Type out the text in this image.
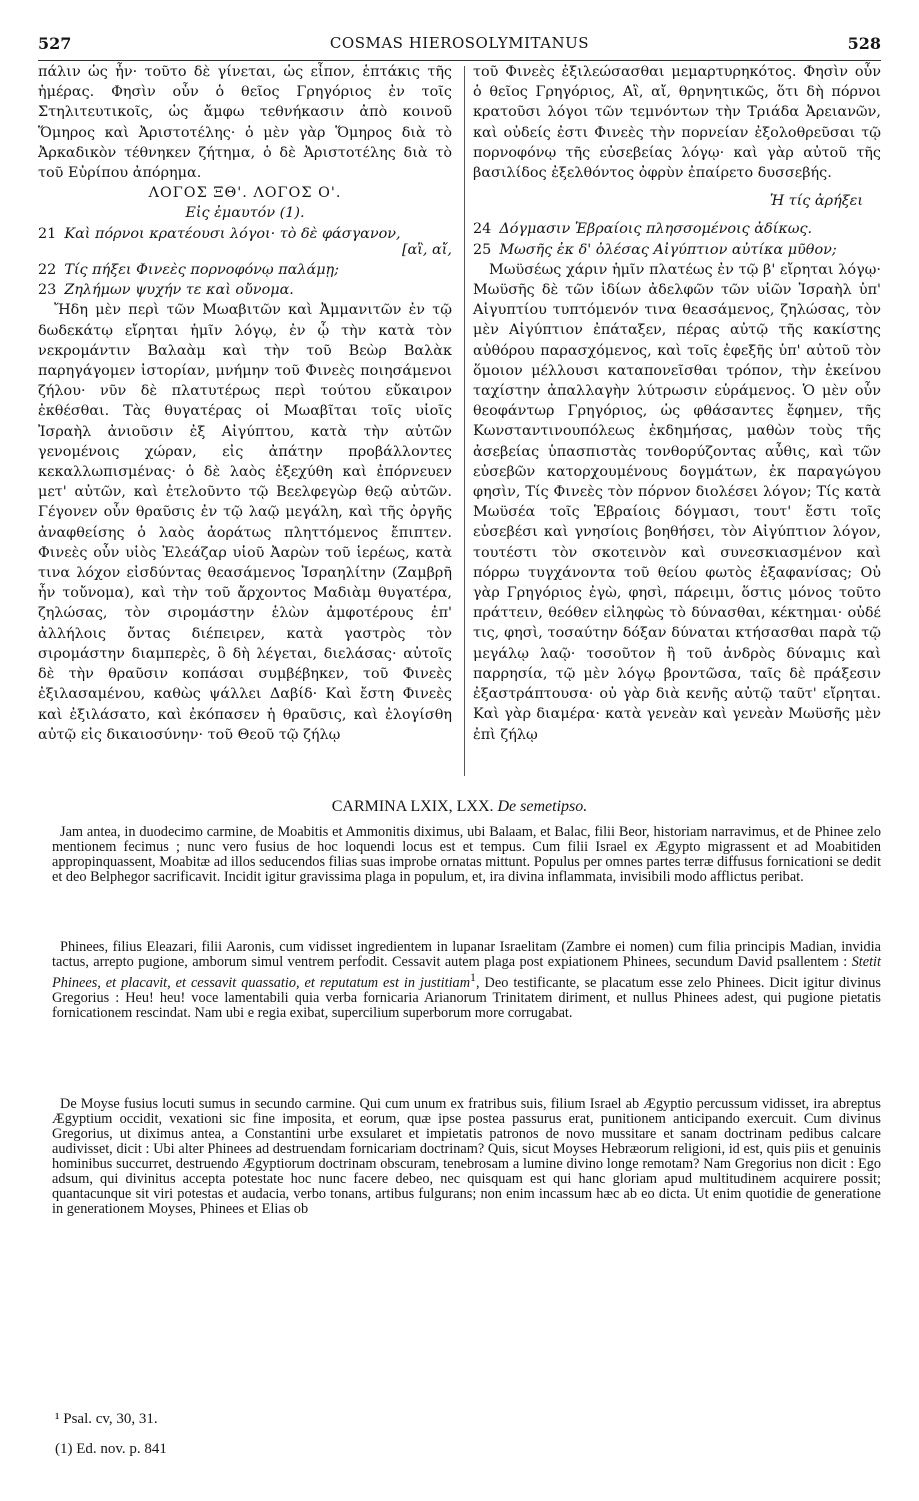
527	COSMAS HIEROSOLYMITANUS	528

πάλιν ὡς ἦν· τοῦτο δὲ γίνεται, ὡς εἶπον, ἑπτάκις τῆς ἡμέρας. Φησὶν οὖν ὁ θεῖος Γρηγόριος ἐν τοῖς Στηλιτευτικοῖς, ὡς ἄμφω τεθνήκασιν ἀπὸ κοινοῦ Ὅμηρος καὶ Ἀριστοτέλης· ὁ μὲν γὰρ Ὅμηρος διὰ τὸ Ἀρκαδικὸν τέθνηκεν ζήτημα, ὁ δὲ Ἀριστοτέλης διὰ τὸ τοῦ Εὐρίπου ἀπόρημα.

ΛΟΓΟΣ ΞΘ'. ΛΟΓΟΣ Ο'.

Εἰς ἐμαυτόν (1).

21 Καὶ πόρνοι κρατέουσι λόγοι· τὸ δὲ φάσγανον,

[αἲ, αἴ,

22 Τίς πήξει Φινεὲς πορνοφόνῳ παλάμῃ;

23 Ζηλήμων ψυχήν τε καὶ οὔνομα.

Ἤδη μὲν περὶ τῶν Μωαβιτῶν καὶ Ἀμμανιτῶν ἐν τῷ δωδεκάτῳ εἴρηται ἡμῖν λόγῳ, ἐν ᾧ τὴν κατὰ τὸν νεκρομάντιν Βαλαὰμ καὶ τὴν τοῦ Βεὼρ Βαλὰκ παρηγάγομεν ἱστορίαν, μνήμην τοῦ Φινεὲς ποιησάμενοι ζήλου· νῦν δὲ πλατυτέρως περὶ τούτου εὔκαιρον ἐκθέσθαι. Τὰς θυγατέρας οἱ Μωαβῖται τοῖς υἱοῖς Ἰσραὴλ ἀνιοῦσιν ἐξ Αἰγύπτου, κατὰ τὴν αὐτῶν γενομένοις χώραν, εἰς ἀπάτην προβάλλοντες κεκαλλωπισμένας· ὁ δὲ λαὸς ἐξεχύθη καὶ ἐπόρνευεν μετ' αὐτῶν, καὶ ἐτελοῦντο τῷ Βεελφεγὼρ θεῷ αὐτῶν. Γέγονεν οὖν θραῦσις ἐν τῷ λαῷ μεγάλη, καὶ τῆς ὀργῆς ἀναφθείσης ὁ λαὸς ἀοράτως πληττόμενος ἔπιπτεν. Φινεὲς οὖν υἱὸς Ἐλεάζαρ υἱοῦ Ἀαρὼν τοῦ ἱερέως, κατὰ τινα λόχον εἰσδύντας θεασάμενος Ἰσραηλίτην (Ζαμβρῆ ἦν τοὔνομα), καὶ τὴν τοῦ ἄρχοντος Μαδιὰμ θυγατέρα, ζηλώσας, τὸν σιρομάστην ἑλὼν ἀμφοτέρους ἐπ' ἀλλήλοις ὄντας διέπειρεν, κατὰ γαστρὸς τὸν σιρομάστην διαμπερὲς, ὃ δὴ λέγεται, διελάσας· αὐτοῖς δὲ τὴν θραῦσιν κοπάσαι συμβέβηκεν, τοῦ Φινεὲς ἐξιλασαμένου, καθὼς ψάλλει Δαβίδ· Καὶ ἔστη Φινεὲς καὶ ἐξιλάσατο, καὶ ἐκόπασεν ἡ θραῦσις, καὶ ἐλογίσθη αὐτῷ εἰς δικαιοσύνην· τοῦ Θεοῦ τῷ ζήλῳ

τοῦ Φινεὲς ἐξιλεώσασθαι μεμαρτυρηκότος. Φησὶν οὖν ὁ θεῖος Γρηγόριος, Αἲ, αἴ, θρηνητικῶς, ὅτι δὴ πόρνοι κρατοῦσι λόγοι τῶν τεμνόντων τὴν Τριάδα Ἀρειανῶν, καὶ οὐδείς ἐστι Φινεὲς τὴν πορνείαν ἐξολοθρεῦσαι τῷ πορνοφόνῳ τῆς εὐσεβείας λόγῳ· καὶ γὰρ αὐτοῦ τῆς βασιλίδος ἐξελθόντος ὀφρὺν ἐπαίρετο δυσσεβής.

Ἡ τίς ἀρήξει

24 Δόγμασιν Ἑβραίοις πλησσομένοις ἀδίκως.

25 Μωσῆς ἐκ δ' ὀλέσας Αἰγύπτιον αὐτίκα μῦθον;

Μωϋσέως χάριν ἡμῖν πλατέως ἐν τῷ β' εἴρηται λόγῳ· Μωϋσῆς δὲ τῶν ἰδίων ἀδελφῶν τῶν υἱῶν Ἰσραὴλ ὑπ' Αἰγυπτίου τυπτόμενόν τινα θεασάμενος, ζηλώσας, τὸν μὲν Αἰγύπτιον ἐπάταξεν, πέρας αὐτῷ τῆς κακίστης αὐθόρου παρασχόμενος, καὶ τοῖς ἐφεξῆς ὑπ' αὐτοῦ τὸν ὅμοιον μέλλουσι καταπονεῖσθαι τρόπον, τὴν ἐκείνου ταχίστην ἀπαλλαγὴν λύτρωσιν εὑράμενος. Ὁ μὲν οὖν θεοφάντωρ Γρηγόριος, ὡς φθάσαντες ἔφημεν, τῆς Κωνσταντινουπόλεως ἐκδημήσας, μαθὼν τοὺς τῆς ἀσεβείας ὑπασπιστὰς τονθορύζοντας αὖθις, καὶ τῶν εὐσεβῶν κατορχουμένους δογμάτων, ἐκ παραγώγου φησὶν, Τίς Φινεὲς τὸν πόρνον διολέσει λόγον; Τίς κατὰ Μωϋσέα τοῖς Ἑβραίοις δόγμασι, τουτ' ἔστι τοῖς εὐσεβέσι καὶ γνησίοις βοηθήσει, τὸν Αἰγύπτιον λόγον, τουτέστι τὸν σκοτεινὸν καὶ συνεσκιασμένον καὶ πόρρω τυγχάνοντα τοῦ θείου φωτὸς ἐξαφανίσας; Οὐ γὰρ Γρηγόριος ἐγὼ, φησὶ, πάρειμι, ὅστις μόνος τοῦτο πράττειν, θεόθεν εἰληφὼς τὸ δύνασθαι, κέκτημαι· οὐδέ τις, φησὶ, τοσαύτην δόξαν δύναται κτήσασθαι παρὰ τῷ μεγάλῳ λαῷ· τοσοῦτον ἢ τοῦ ἀνδρὸς δύναμις καὶ παρρησία, τῷ μὲν λόγῳ βροντῶσα, ταῖς δὲ πράξεσιν ἐξαστράπτουσα· οὐ γὰρ διὰ κενῆς αὐτῷ ταῦτ' εἴρηται. Καὶ γὰρ διαμέρα· κατὰ γενεὰν καὶ γενεὰν Μωϋσῆς μὲν ἐπὶ ζήλῳ

CARMINA LXIX, LXX. De semetipso.

Jam antea, in duodecimo carmine, de Moabitis et Ammonitis diximus, ubi Balaam, et Balac, filii Beor, historiam narravimus, et de Phinee zelo mentionem fecimus ; nunc vero fusius de hoc loquendi locus est et tempus. Cum filii Israel ex Ægypto migrassent et ad Moabitiden appropinquassent, Moabitæ ad illos seducendos filias suas improbe ornatas mittunt. Populus per omnes partes terræ diffusus fornicationi se dedit et deo Belphegor sacrificavit. Incidit igitur gravissima plaga in populum, et, ira divina inflammata, invisibili modo afflictus peribat.

Phinees, filius Eleazari, filii Aaronis, cum vidisset ingredientem in lupanar Israelitam (Zambre ei nomen) cum filia principis Madian, invidia tactus, arrepto pugione, amborum simul ventrem perfodit. Cessavit autem plaga post expiationem Phinees, secundum David psallentem : Stetit Phinees, et placavit, et cessavit quassatio, et reputatum est in justitiam$^1$, Deo testificante, se placatum esse zelo Phinees. Dicit igitur divinus Gregorius : Heu! heu! voce lamentabili quia verba fornicaria Arianorum Trinitatem diriment, et nullus Phinees adest, qui pugione pietatis fornicationem rescindat. Nam ubi e regia exibat, supercilium superborum more corrugabat.

De Moyse fusius locuti sumus in secundo carmine. Qui cum unum ex fratribus suis, filium Israel ab Ægyptio percussum vidisset, ira abreptus Ægyptium occidit, vexationi sic fine imposita, et eorum, quæ ipse postea passurus erat, punitionem anticipando exercuit. Cum divinus Gregorius, ut diximus antea, a Constantini urbe exsularet et impietatis patronos de novo mussitare et sanam doctrinam pedibus calcare audivisset, dicit : Ubi alter Phinees ad destruendam fornicariam doctrinam? Quis, sicut Moyses Hebræorum religioni, id est, quis piis et genuinis hominibus succurret, destruendo Ægyptiorum doctrinam obscuram, tenebrosam a lumine divino longe remotam? Nam Gregorius non dicit : Ego adsum, qui divinitus accepta potestate hoc nunc facere debeo, nec quisquam est qui hanc gloriam apud multitudinem acquirere possit; quantacunque sit viri potestas et audacia, verbo tonans, artibus fulgurans; non enim incassum hæc ab eo dicta. Ut enim quotidie de generatione in generationem Moyses, Phinees et Elias ob

¹ Psal. cv, 30, 31.
(1) Ed. nov. p. 841
